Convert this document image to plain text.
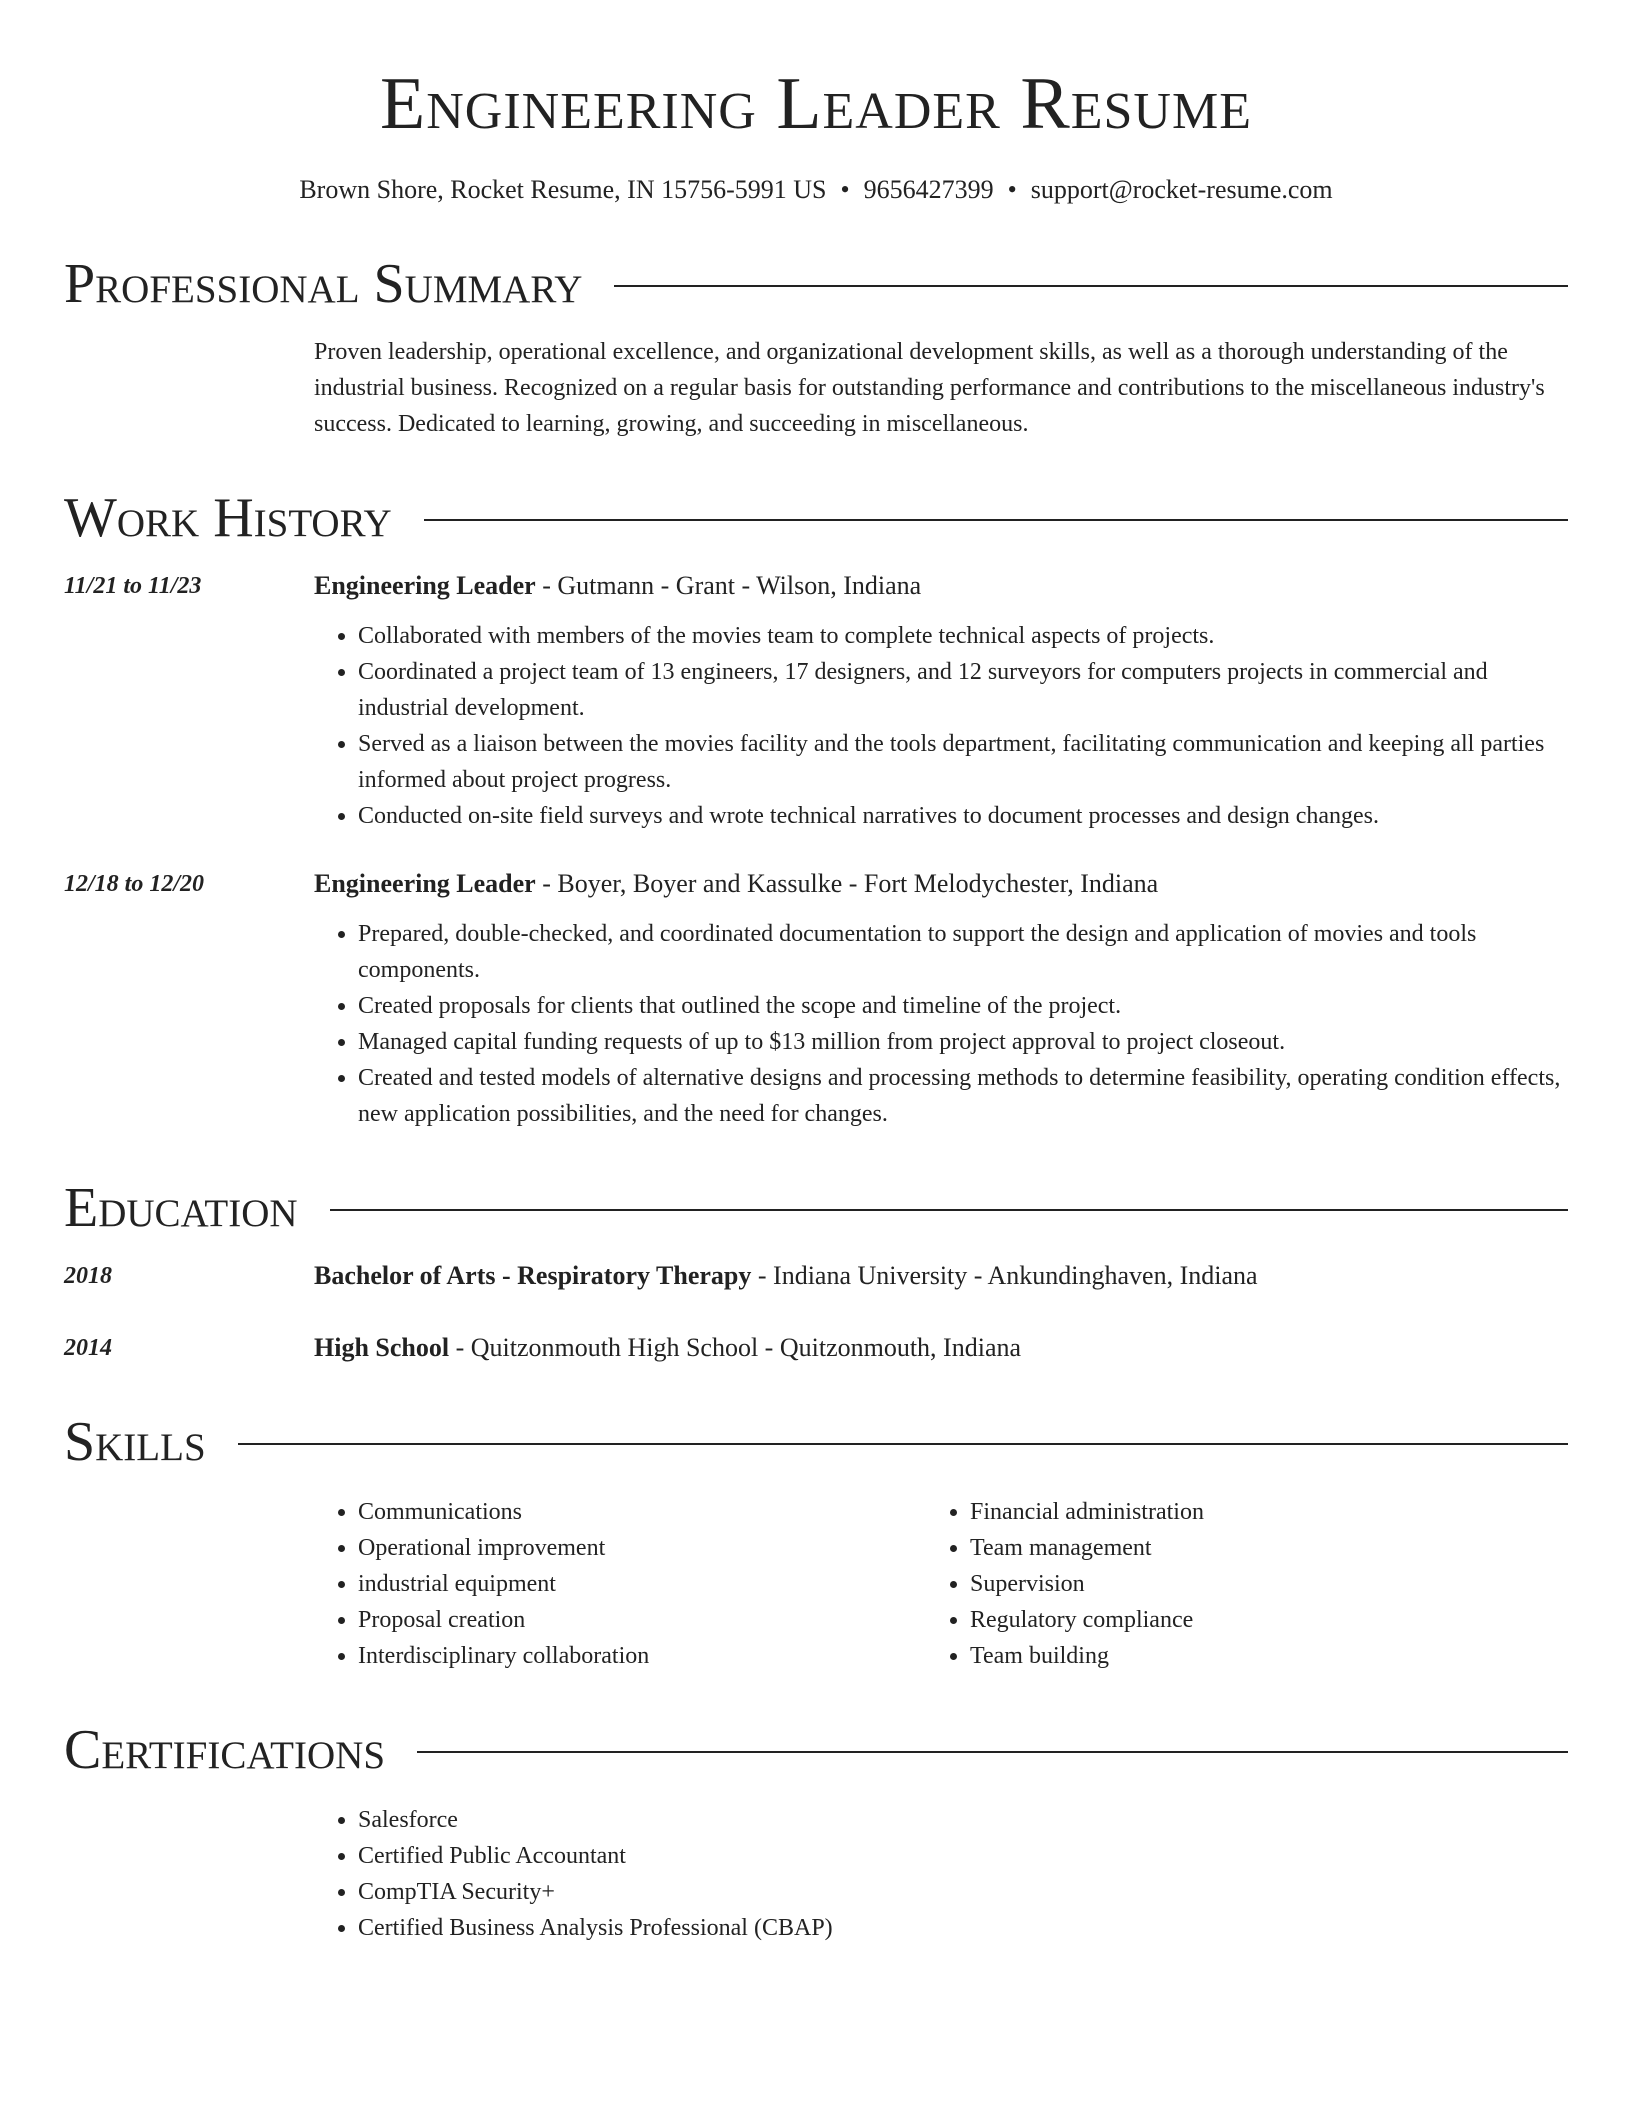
Engineering Leader Resume
Brown Shore, Rocket Resume, IN 15756-5991 US • 9656427399 • support@rocket-resume.com
Professional Summary
Proven leadership, operational excellence, and organizational development skills, as well as a thorough understanding of the industrial business. Recognized on a regular basis for outstanding performance and contributions to the miscellaneous industry's success. Dedicated to learning, growing, and succeeding in miscellaneous.
Work History
11/21 to 11/23	Engineering Leader - Gutmann - Grant - Wilson, Indiana
• Collaborated with members of the movies team to complete technical aspects of projects.
• Coordinated a project team of 13 engineers, 17 designers, and 12 surveyors for computers projects in commercial and industrial development.
• Served as a liaison between the movies facility and the tools department, facilitating communication and keeping all parties informed about project progress.
• Conducted on-site field surveys and wrote technical narratives to document processes and design changes.
12/18 to 12/20	Engineering Leader - Boyer, Boyer and Kassulke - Fort Melodychester, Indiana
• Prepared, double-checked, and coordinated documentation to support the design and application of movies and tools components.
• Created proposals for clients that outlined the scope and timeline of the project.
• Managed capital funding requests of up to $13 million from project approval to project closeout.
• Created and tested models of alternative designs and processing methods to determine feasibility, operating condition effects, new application possibilities, and the need for changes.
Education
2018	Bachelor of Arts - Respiratory Therapy - Indiana University - Ankundinghaven, Indiana
2014	High School - Quitzonmouth High School - Quitzonmouth, Indiana
Skills
• Communications
• Operational improvement
• industrial equipment
• Proposal creation
• Interdisciplinary collaboration
• Financial administration
• Team management
• Supervision
• Regulatory compliance
• Team building
Certifications
• Salesforce
• Certified Public Accountant
• CompTIA Security+
• Certified Business Analysis Professional (CBAP)
